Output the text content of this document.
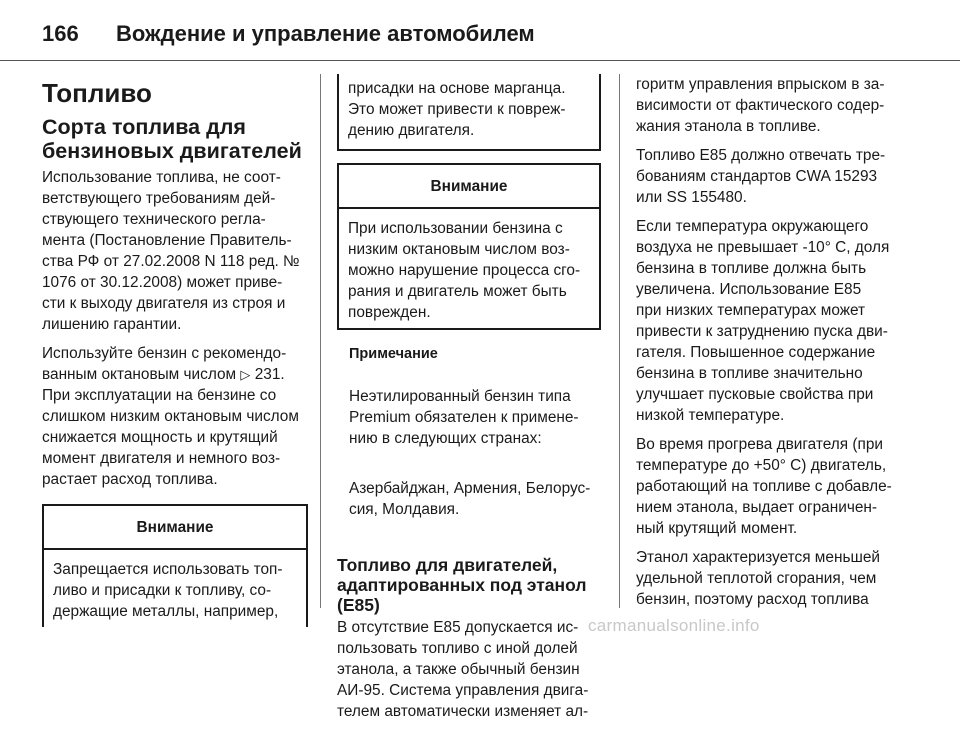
166	Вождение и управление автомобилем
Топливо
Сорта топлива для
бензиновых двигателей

Использование топлива, не соот-
ветствующего требованиям дей-
ствующего технического регла-
мента (Постановление Правитель-
ства РФ от 27.02.2008 N 118 ред. №
1076 от 30.12.2008) может приве-
сти к выходу двигателя из строя и
лишению гарантии.

Используйте бензин с рекомендо-
ванным октановым числом ▷ 231.
При эксплуатации на бензине со
слишком низким октановым числом
снижается мощность и крутящий
момент двигателя и немного воз-
растает расход топлива.

Внимание
Запрещается использовать топ-
ливо и присадки к топливу, со-
держащие металлы, например,
присадки на основе марганца.
Это может привести к повреж-
дению двигателя.
Внимание
При использовании бензина с
низким октановым числом воз-
можно нарушение процесса сго-
рания и двигатель может быть
поврежден.
Примечание

Неэтилированный бензин типа
Premium обязателен к примене-
нию в следующих странах:

Азербайджан, Армения, Белорус-
сия, Молдавия.

Топливо для двигателей,
адаптированных под этанол
(E85)

В отсутствие E85 допускается ис-
пользовать топливо с иной долей
этанола, а также обычный бензин
АИ-95. Система управления двига-
телем автоматически изменяет ал-

горитм управления впрыском в за-
висимости от фактического содер-
жания этанола в топливе.

Топливо E85 должно отвечать тре-
бованиям стандартов CWA 15293
или SS 155480.

Если температура окружающего
воздуха не превышает -10° C, доля
бензина в топливе должна быть
увеличена. Использование E85
при низких температурах может
привести к затруднению пуска дви-
гателя. Повышенное содержание
бензина в топливе значительно
улучшает пусковые свойства при
низкой температуре.

Во время прогрева двигателя (при
температуре до +50° C) двигатель,
работающий на топливе с добавле-
нием этанола, выдает ограничен-
ный крутящий момент.

Этанол характеризуется меньшей
удельной теплотой сгорания, чем
бензин, поэтому расход топлива

carmanualsonline.info
